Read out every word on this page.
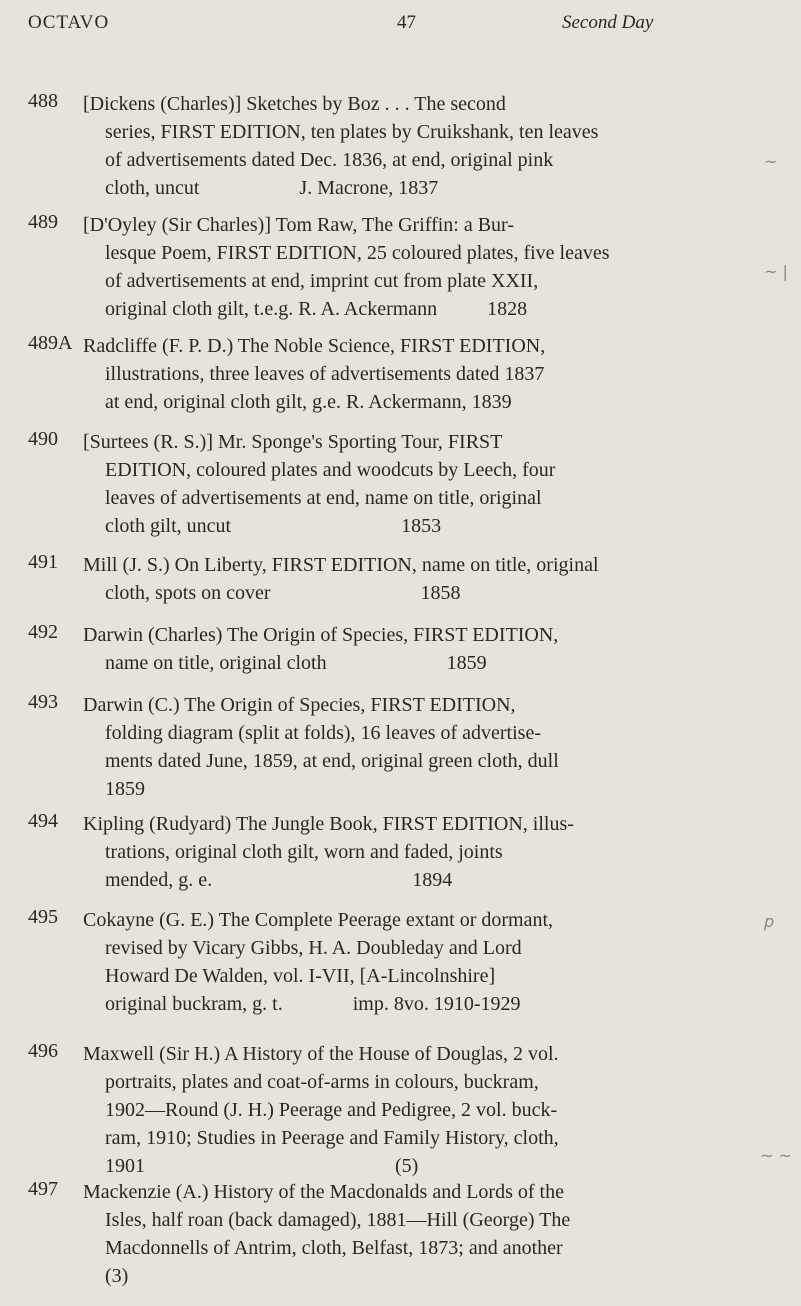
OCTAVO	47	Second Day
488 [Dickens (Charles)] Sketches by Boz . . . The second
series, FIRST EDITION, ten plates by Cruikshank, ten leaves
of advertisements dated Dec. 1836, at end, original pink
cloth, uncut                    J. Macrone, 1837
489 [D'Oyley (Sir Charles)] Tom Raw, The Griffin: a Bur-
lesque Poem, FIRST EDITION, 25 coloured plates, five leaves
of advertisements at end, imprint cut from plate XXII,
original cloth gilt, t.e.g. R. A. Ackermann          1828
489A Radcliffe (F. P. D.) The Noble Science, FIRST EDITION,
illustrations, three leaves of advertisements dated 1837
at end, original cloth gilt, g.e. R. Ackermann, 1839
490 [Surtees (R. S.)] Mr. Sponge's Sporting Tour, FIRST
EDITION, coloured plates and woodcuts by Leech, four
leaves of advertisements at end, name on title, original
cloth gilt, uncut                                  1853
491 Mill (J. S.) On Liberty, FIRST EDITION, name on title, original
cloth, spots on cover                              1858
492 Darwin (Charles) The Origin of Species, FIRST EDITION,
name on title, original cloth                        1859
493 Darwin (C.) The Origin of Species, FIRST EDITION,
folding diagram (split at folds), 16 leaves of advertise-
ments dated June, 1859, at end, original green cloth, dull
1859
494 Kipling (Rudyard) The Jungle Book, FIRST EDITION, illus-
trations, original cloth gilt, worn and faded, joints
mended, g. e.                                        1894
495 Cokayne (G. E.) The Complete Peerage extant or dormant,
revised by Vicary Gibbs, H. A. Doubleday and Lord
Howard De Walden, vol. I-VII, [A-Lincolnshire]
original buckram, g. t.              imp. 8vo. 1910-1929
496 Maxwell (Sir H.) A History of the House of Douglas, 2 vol.
portraits, plates and coat-of-arms in colours, buckram,
1902—Round (J. H.) Peerage and Pedigree, 2 vol. buck-
ram, 1910; Studies in Peerage and Family History, cloth,
1901                                                  (5)
497 Mackenzie (A.) History of the Macdonalds and Lords of the
Isles, half roan (back damaged), 1881—Hill (George) The
Macdonnells of Antrim, cloth, Belfast, 1873; and another
(3)
~
~ |
p
~ ~
